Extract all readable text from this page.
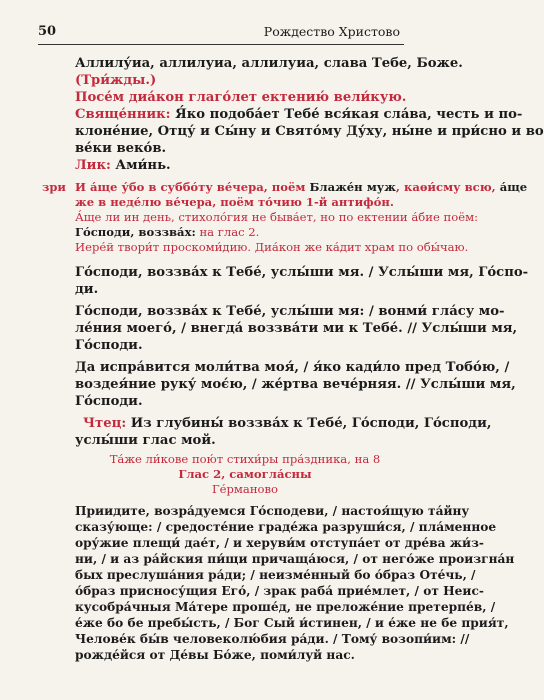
50	Рождество Христово
Аллилу́иа, аллилуиа, аллилуиа, слава Тебе, Боже.
(Три́жды.)
Посе́м диа́кон глаго́лет ектению́ вели́кую.
Свяще́нник: Я́ко подоба́ет Тебе́ вся́кая сла́ва, честь и по-
клоне́ние, Отцу́ и Сы́ну и Свято́му Ду́ху, ны́не и при́сно и во
ве́ки веко́в.
Лик: Ами́нь.
зри И а́ще у́бо в суббо́ту ве́чера, поём Блаже́н муж, каѳи́сму всю, а́ще
же в неде́лю ве́чера, поём то́чию 1-й антифо́н.
А́ще ли ин день, стихоло́гия не быва́ет, но по ектении а́бие поём:
Го́споди, воззва́х: на глас 2.
Иере́й твори́т проскоми́дию. Диа́кон же ка́дит храм по обы́чаю.
Го́споди, воззва́х к Тебе́, услы́ши мя. / Услы́ши мя, Го́спо-
ди.
Го́споди, воззва́х к Тебе́, услы́ши мя: / вонми́ гла́су мо-
ле́ния моего́, / внегда́ воззва́ти ми к Тебе́. // Услы́ши мя,
Го́споди.
Да испра́вится моли́тва моя́, / я́ко кади́ло пред Тобо́ю, /
воздея́ние руку́ моє́ю, / же́ртва вече́рняя. // Услы́ши мя,
Го́споди.
Чтец: Из глубины́ воззва́х к Тебе́, Го́споди, Го́споди,
услы́ши глас мой.
Та́же ли́кове пою́т стихи́ры пра́здника, на 8
Глас 2, самогла́сны
Ге́рманово
Приидите, возра́дуемся Го́сподеви, / настоя́щую та́йну
сказу́юще: / средосте́ние граде́жа разруши́ся, / пла́менное
ору́жие плещи́ дае́т, / и херуви́м отступа́ет от дре́ва жи́з-
ни, / и аз ра́йския пи́щи причаща́юся, / от него́же произгна́н
бых преслуша́ния ра́ди; / неизме́нный бо о́браз Оте́чь, /
о́браз присносу́щия Его́, / зрак раба́ прие́млет, / от Неис-
кусобра́чныя Ма́тере проше́д, не преложе́ние претерпе́в, /
е́же бо бе пребы́сть, / Бог Сый и́стинен, / и е́же не бе прия́т,
Челове́к бы́в человеколю́бия ра́ди. / Тому́ возопи́им: //
рожде́йся от Де́вы Бо́же, поми́луй нас.
